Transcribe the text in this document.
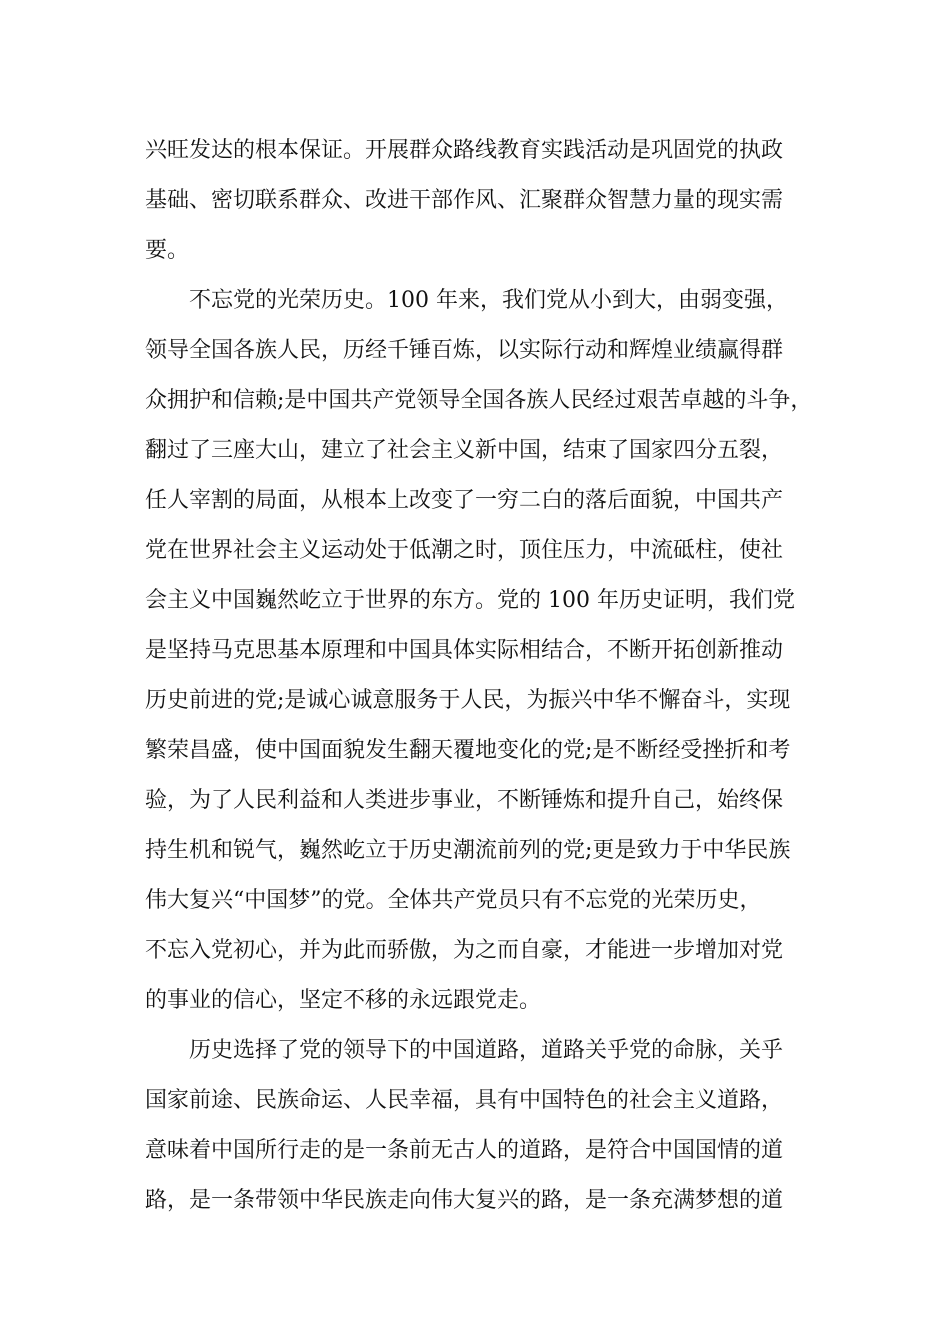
兴旺发达的根本保证。开展群众路线教育实践活动是巩固党的执政
基础、密切联系群众、改进干部作风、汇聚群众智慧力量的现实需
要。
不忘党的光荣历史。100 年来，我们党从小到大，由弱变强，
领导全国各族人民，历经千锤百炼，以实际行动和辉煌业绩赢得群
众拥护和信赖;是中国共产党领导全国各族人民经过艰苦卓越的斗争，
翻过了三座大山，建立了社会主义新中国，结束了国家四分五裂，
任人宰割的局面，从根本上改变了一穷二白的落后面貌，中国共产
党在世界社会主义运动处于低潮之时，顶住压力，中流砥柱，使社
会主义中国巍然屹立于世界的东方。党的 100 年历史证明，我们党
是坚持马克思基本原理和中国具体实际相结合，不断开拓创新推动
历史前进的党;是诚心诚意服务于人民，为振兴中华不懈奋斗，实现
繁荣昌盛，使中国面貌发生翻天覆地变化的党;是不断经受挫折和考
验，为了人民利益和人类进步事业，不断锤炼和提升自己，始终保
持生机和锐气，巍然屹立于历史潮流前列的党;更是致力于中华民族
伟大复兴“中国梦”的党。全体共产党员只有不忘党的光荣历史，
不忘入党初心，并为此而骄傲，为之而自豪，才能进一步增加对党
的事业的信心，坚定不移的永远跟党走。
历史选择了党的领导下的中国道路，道路关乎党的命脉，关乎
国家前途、民族命运、人民幸福，具有中国特色的社会主义道路，
意味着中国所行走的是一条前无古人的道路，是符合中国国情的道
路，是一条带领中华民族走向伟大复兴的路，是一条充满梦想的道
